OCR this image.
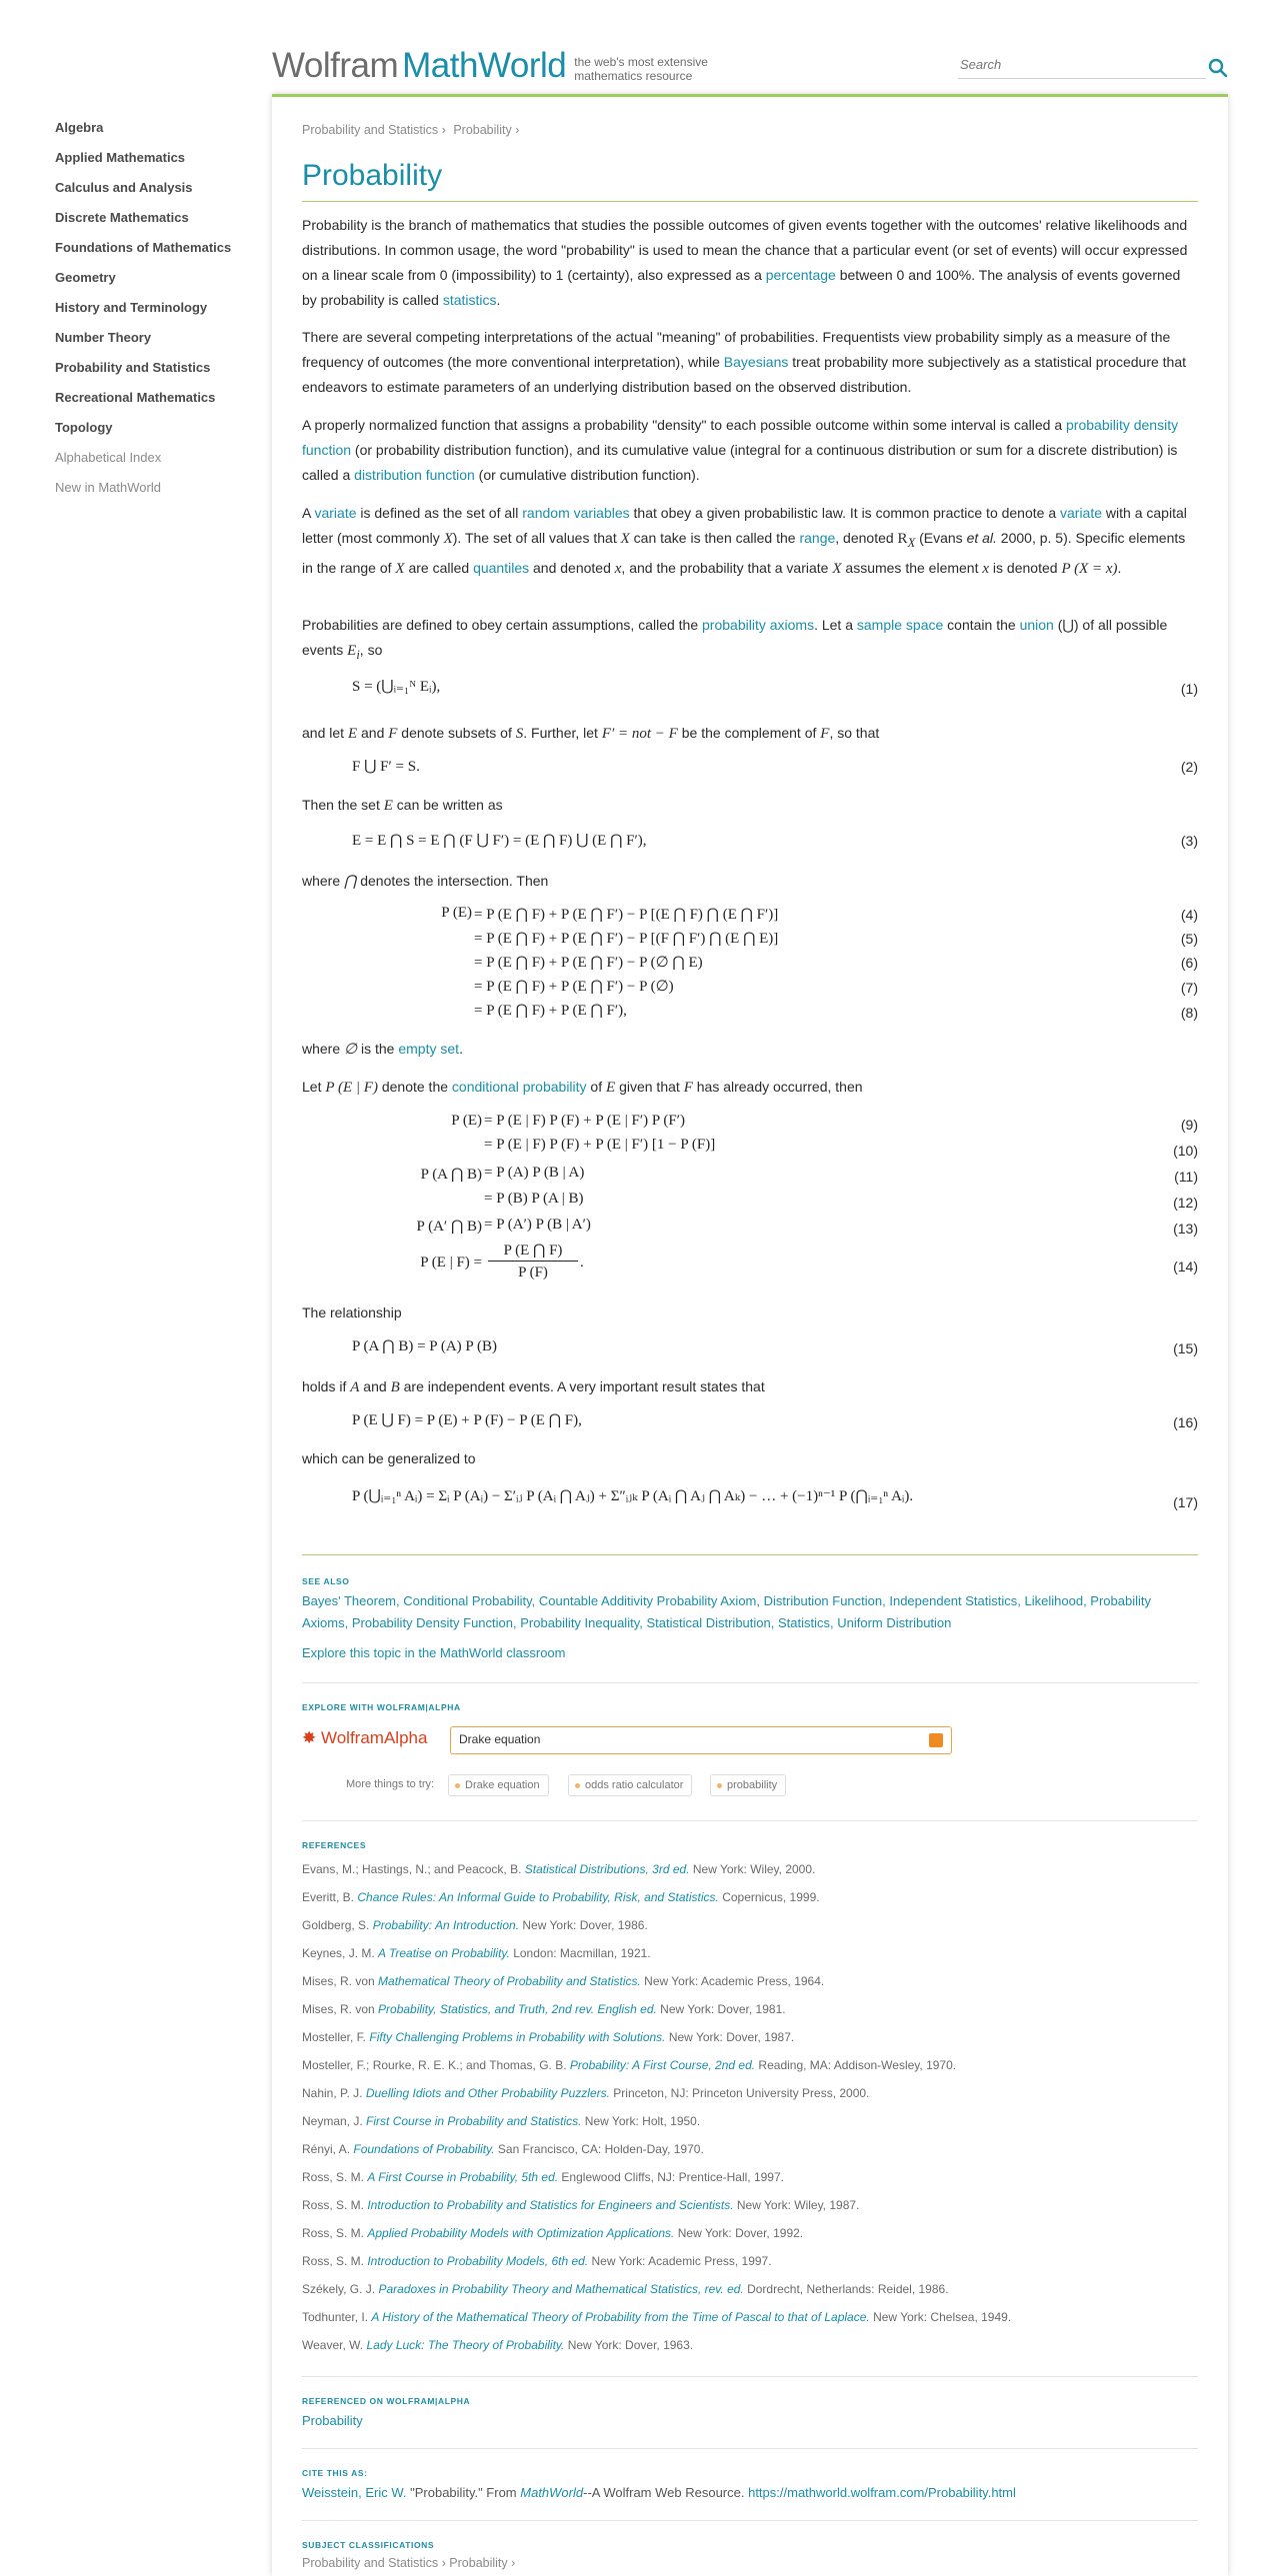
Wolfram MathWorld the web's most extensive
mathematics resource
Search
Algebra
Applied Mathematics
Calculus and Analysis
Discrete Mathematics
Foundations of Mathematics
Geometry
History and Terminology
Number Theory
Probability and Statistics
Recreational Mathematics
Topology
Alphabetical Index
New in MathWorld
Probability and Statistics › Probability ›
Probability

Probability is the branch of mathematics that studies the possible outcomes of given events together with the outcomes' relative likelihoods and distributions. In common usage, the word "probability" is used to mean the chance that a particular event (or set of events) will occur expressed on a linear scale from 0 (impossibility) to 1 (certainty), also expressed as a percentage between 0 and 100%. The analysis of events governed by probability is called statistics.

There are several competing interpretations of the actual "meaning" of probabilities. Frequentists view probability simply as a measure of the frequency of outcomes (the more conventional interpretation), while Bayesians treat probability more subjectively as a statistical procedure that endeavors to estimate parameters of an underlying distribution based on the observed distribution.

A properly normalized function that assigns a probability "density" to each possible outcome within some interval is called a probability density function (or probability distribution function), and its cumulative value (integral for a continuous distribution or sum for a discrete distribution) is called a distribution function (or cumulative distribution function).

A variate is defined as the set of all random variables that obey a given probabilistic law. It is common practice to denote a variate with a capital letter (most commonly X). The set of all values that X can take is then called the range, denoted $R_X$ (Evans et al. 2000, p. 5). Specific elements in the range of X are called quantiles and denoted x, and the probability that a variate X assumes the element x is denoted P (X = x).

Probabilities are defined to obey certain assumptions, called the probability axioms. Let a sample space contain the union (⋃) of all possible events $E_i$, so

S = (⋃ᵢ₌₁ᴺ Eᵢ),	(1)

and let E and F denote subsets of S. Further, let F′ = not − F be the complement of F, so that

F ⋃ F′ = S.	(2)

Then the set E can be written as

E = E ⋂ S = E ⋂ (F ⋃ F′) = (E ⋂ F) ⋃ (E ⋂ F′),	(3)

where ⋂ denotes the intersection. Then

P (E) = P (E ⋂ F) + P (E ⋂ F′) − P [(E ⋂ F) ⋂ (E ⋂ F′)]	(4)
= P (E ⋂ F) + P (E ⋂ F′) − P [(F ⋂ F′) ⋂ (E ⋂ E)]	(5)
= P (E ⋂ F) + P (E ⋂ F′) − P (∅ ⋂ E)	(6)
= P (E ⋂ F) + P (E ⋂ F′) − P (∅)	(7)
= P (E ⋂ F) + P (E ⋂ F′),	(8)

where ∅ is the empty set.

Let P (E | F) denote the conditional probability of E given that F has already occurred, then

P (E) = P (E | F) P (F) + P (E | F′) P (F′)	(9)
= P (E | F) P (F) + P (E | F′) [1 − P (F)]	(10)
P (A ⋂ B) = P (A) P (B | A)	(11)
= P (B) P (A | B)	(12)
P (A′ ⋂ B) = P (A′) P (B | A′)	(13)
P (E | F) =
P (E ⋂ F)
P (F)
.	(14)

The relationship

P (A ⋂ B) = P (A) P (B)	(15)

holds if A and B are independent events. A very important result states that

P (E ⋃ F) = P (E) + P (F) − P (E ⋂ F),	(16)

which can be generalized to

P (⋃ᵢ₌₁ⁿ Aᵢ) = Σᵢ P (Aᵢ) − Σ′ᵢⱼ P (Aᵢ ⋂ Aⱼ) + Σ″ᵢⱼₖ P (Aᵢ ⋂ Aⱼ ⋂ Aₖ) − … + (−1)ⁿ⁻¹ P (⋂ᵢ₌₁ⁿ Aᵢ).	(17)
SEE ALSO
Bayes' Theorem, Conditional Probability, Countable Additivity Probability Axiom, Distribution Function, Independent Statistics, Likelihood, Probability Axioms, Probability Density Function, Probability Inequality, Statistical Distribution, Statistics, Uniform Distribution
Explore this topic in the MathWorld classroom
EXPLORE WITH WOLFRAM|ALPHA
✸ WolframAlpha
Drake equation
More things to try:	Drake equation	odds ratio calculator	probability
REFERENCES
Evans, M.; Hastings, N.; and Peacock, B. Statistical Distributions, 3rd ed. New York: Wiley, 2000.
Everitt, B. Chance Rules: An Informal Guide to Probability, Risk, and Statistics. Copernicus, 1999.
Goldberg, S. Probability: An Introduction. New York: Dover, 1986.
Keynes, J. M. A Treatise on Probability. London: Macmillan, 1921.
Mises, R. von Mathematical Theory of Probability and Statistics. New York: Academic Press, 1964.
Mises, R. von Probability, Statistics, and Truth, 2nd rev. English ed. New York: Dover, 1981.
Mosteller, F. Fifty Challenging Problems in Probability with Solutions. New York: Dover, 1987.
Mosteller, F.; Rourke, R. E. K.; and Thomas, G. B. Probability: A First Course, 2nd ed. Reading, MA: Addison-Wesley, 1970.
Nahin, P. J. Duelling Idiots and Other Probability Puzzlers. Princeton, NJ: Princeton University Press, 2000.
Neyman, J. First Course in Probability and Statistics. New York: Holt, 1950.
Rényi, A. Foundations of Probability. San Francisco, CA: Holden-Day, 1970.
Ross, S. M. A First Course in Probability, 5th ed. Englewood Cliffs, NJ: Prentice-Hall, 1997.
Ross, S. M. Introduction to Probability and Statistics for Engineers and Scientists. New York: Wiley, 1987.
Ross, S. M. Applied Probability Models with Optimization Applications. New York: Dover, 1992.
Ross, S. M. Introduction to Probability Models, 6th ed. New York: Academic Press, 1997.
Székely, G. J. Paradoxes in Probability Theory and Mathematical Statistics, rev. ed. Dordrecht, Netherlands: Reidel, 1986.
Todhunter, I. A History of the Mathematical Theory of Probability from the Time of Pascal to that of Laplace. New York: Chelsea, 1949.
Weaver, W. Lady Luck: The Theory of Probability. New York: Dover, 1963.
REFERENCED ON WOLFRAM|ALPHA
Probability
CITE THIS AS:
Weisstein, Eric W. "Probability." From MathWorld--A Wolfram Web Resource. https://mathworld.wolfram.com/Probability.html
SUBJECT CLASSIFICATIONS
Probability and Statistics › Probability ›
